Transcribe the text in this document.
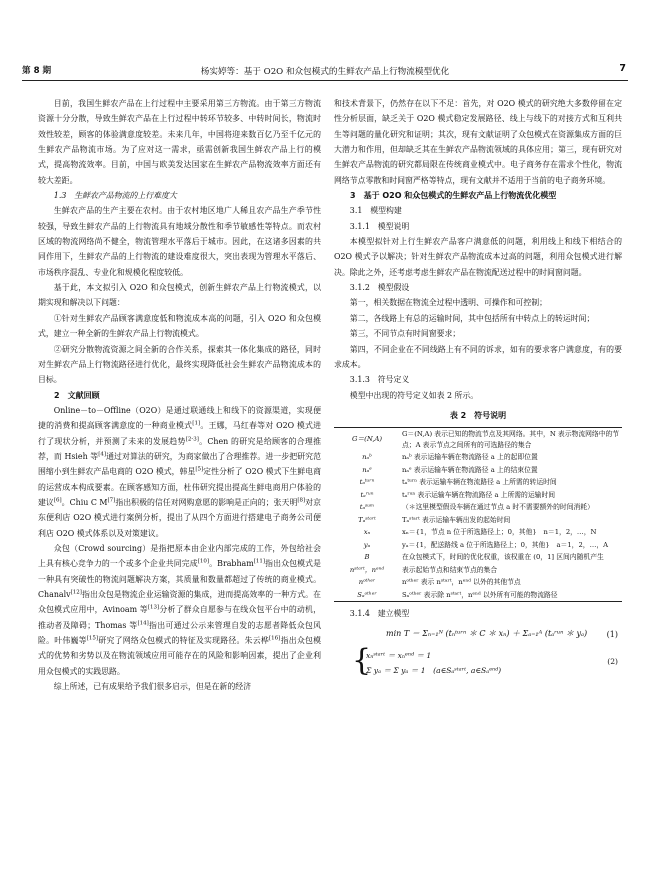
第 8 期	杨实婷等：基于 O2O 和众包模式的生鲜农产品上行物流模型优化	7

目前，我国生鲜农产品在上行过程中主要采用第三方物流。由于第三方物流资源十分分散，导致生鲜农产品在上行过程中转环节较多、中转时间长，物流时效性较差，顾客的体验满意度较差。未来几年，中国将迎来数百亿乃至千亿元的生鲜农产品物流市场。为了应对这一需求，亟需创新我国生鲜农产品上行的模式，提高物流效率。目前，中国与欧美发达国家在生鲜农产品物流效率方面还有较大差距。

1.3　生鲜农产品物流的上行难度大

生鲜农产品的生产主要在农村。由于农村地区地广人稀且农产品生产季节性较强，导致生鲜农产品的上行物流具有地域分散性和季节敏感性等特点。而农村区域的物流网络尚不健全，物流管理水平落后于城市。因此，在这诸多因素的共同作用下，生鲜农产品的上行物流的建设难度很大，突出表现为管理水平落后、市场秩序混乱、专业化和规模化程度较低。

基于此，本文拟引入 O2O 和众包模式，创新生鲜农产品上行物流模式，以期实现和解决以下问题：

①针对生鲜农产品顾客满意度低和物流成本高的问题，引入 O2O 和众包模式，建立一种全新的生鲜农产品上行物流模式。

②研究分散物流资源之间全新的合作关系，探索其一体化集成的路径，同时对生鲜农产品上行物流路径进行优化，最终实现降低社会生鲜农产品物流成本的目标。

2　文献回顾

Online－to－Offline（O2O）是通过联通线上和线下的资源渠道，实现便捷的消费和提高顾客满意度的一种商业模式[1]。王娜，马红春等对 O2O 模式进行了现状分析，并预测了未来的发展趋势[2-3]。Chen 的研究是给顾客的合理推荐，而 Hsieh 等[4]通过对算法的研究，为商家做出了合理推荐。进一步把研究范围缩小到生鲜农产品电商的 O2O 模式，韩星[5]定性分析了 O2O 模式下生鲜电商的运营成本构成要素。在顾客感知方面，杜伟研究提出提高生鲜电商用户体验的建议[6]。Chiu C M[7]指出积极的信任对网购意愿的影响是正向的；张天明[8]对京东便利店 O2O 模式进行案例分析，提出了从四个方面进行搭建电子商务公司便利店 O2O 模式体系以及对策建议。

众包（Crowd sourcing）是指把原本由企业内部完成的工作，外包给社会上具有核心竞争力的一个或多个企业共同完成[10]。Brabham[11]指出众包模式是一种具有突破性的物流问题解决方案，其质量和数量都超过了传统的商业模式。Chanalv[12]指出众包是物流企业运输资源的集成，进而提高效率的一种方式。在众包模式应用中，Avinoam 等[13]分析了群众自愿参与在线众包平台中的动机，推动者及障碍；Thomas 等[14]指出可通过公示来管理自发的志愿者降低众包风险。叶伟巍等[15]研究了网络众包模式的特征及实现路径。朱云桦[16]指出众包模式的优势和劣势以及在物流领域应用可能存在的风险和影响因素，提出了企业利用众包模式的实践思路。

综上所述，已有成果给予我们很多启示，但是在新的经济

和技术背景下，仍然存在以下不足：首先，对 O2O 模式的研究绝大多数停留在定性分析层面，缺乏关于 O2O 模式稳定发展路径、线上与线下的对接方式和互利共生等问题的量化研究和证明；其次，现有文献证明了众包模式在资源集成方面的巨大潜力和作用，但却缺乏其在生鲜农产品物流领域的具体应用；第三，现有研究对生鲜农产品物流的研究都局限在传统商业模式中。电子商务存在需求个性化，物流网络节点零散和时间窗严格等特点，现有文献并不适用于当前的电子商务环境。

3　基于 O2O 和众包模式的生鲜农产品上行物流优化模型

3.1　模型构建

3.1.1　模型说明

本模型拟针对上行生鲜农产品客户满意低的问题，利用线上和线下相结合的 O2O 模式予以解决；针对生鲜农产品物流成本过高的问题，利用众包模式进行解决。除此之外，还考虑考虑生鲜农产品在物流配送过程中的时间窗问题。

3.1.2　模型假设

第一，相关数据在物流全过程中透明、可操作和可控制；

第二，各线路上有总的运输时间，其中包括所有中转点上的转运时间；

第三，不同节点有时间窗要求；

第四，不同企业在不同线路上有不同的诉求，如有的要求客户满意度，有的要求成本。

3.1.3　符号定义

模型中出现的符号定义如表 2 所示。

表 2　符号说明
G＝(N,A)	G＝(N,A) 表示已知的物流节点及其网络。其中，N 表示物流网络中的节点；A 表示节点之间所有的可选路径的集合
nₐᵇ	nₐᵇ 表示运输车辆在物流路径 a 上的起即位置
nₐᵉ	nₐᵉ 表示运输车辆在物流路径 a 上的结束位置
tₐᵗᵘʳⁿ	tₐᵗᵘʳⁿ 表示运输车辆在物流路径 a 上所需的转运时间
tₐʳᵘⁿ	tₐʳᵘⁿ 表示运输车辆在物流路径 a 上所需的运输时间
tₐˢᵘᵐ	（＊这里模型假设车辆在通过节点 a 时不需要额外的时间消耗）
Tₐˢᵗᵃʳᵗ	Tₐˢᵗᵃʳᵗ 表示运输车辆出发的起始时间
xₙ	xₙ＝{1，节点 n 位于所选路径上；0，其他}　n＝1，2，…，N
yₐ	yₐ＝{1，配送路线 a 位于所选路径上；0，其他}　a＝1，2，…，A
B	在众包模式下，时间的优化权重，该权重在 (0，1] 区间内随机产生
nˢᵗᵃʳᵗ，nᵉⁿᵈ	表示起始节点和结束节点的集合
nᵒᵗʰᵉʳ	nᵒᵗʰᵉʳ 表示 nˢᵗᵃʳᵗ，nᵉⁿᵈ 以外的其他节点
Sₐᵒᵗʰᵉʳ	Sₐᵒᵗʰᵉʳ 表示除 nˢᵗᵃʳᵗ，nᵉⁿᵈ 以外所有可能的物流路径

3.1.4　建立模型

min T ＝ Σₙ₌₁ᴺ (tₙᵗᵘʳⁿ ＊ C ＊ xₙ) ＋ Σₐ₌₁ᴬ (tₐʳᵘⁿ ＊ yₐ) (1)
{
xₙˢᵗᵃʳᵗ ＝ xₙᵉⁿᵈ ＝ 1
Σ yₐ ＝ Σ yₐ ＝ 1　(a∈Sₐˢᵗᵃʳᵗ, a∈Sₐᵉⁿᵈ)
(2)
